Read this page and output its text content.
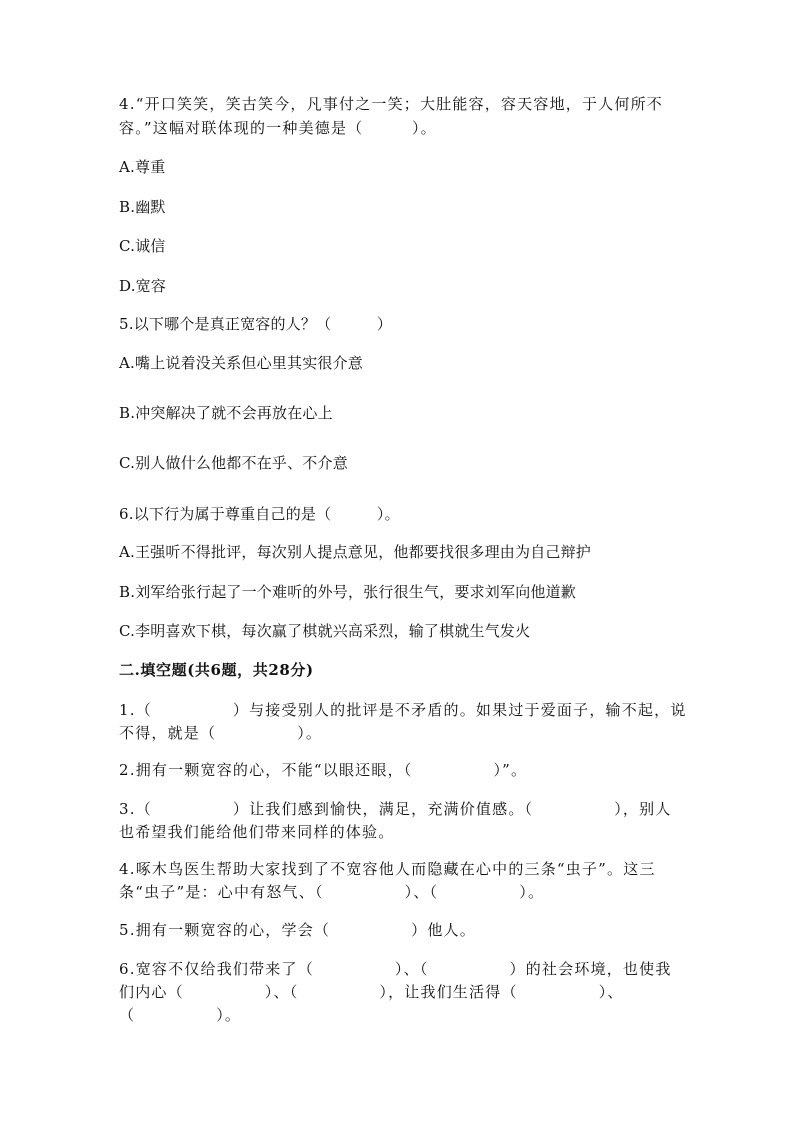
4.“开口笑笑，笑古笑今，凡事付之一笑；大肚能容，容天容地，于人何所不
容。”这幅对联体现的一种美德是（　　　）。
A.尊重
B.幽默
C.诚信
D.宽容
5.以下哪个是真正宽容的人？（　　　）
A.嘴上说着没关系但心里其实很介意
B.冲突解决了就不会再放在心上
C.别人做什么他都不在乎、不介意
6.以下行为属于尊重自己的是（　　　）。
A.王强听不得批评，每次别人提点意见，他都要找很多理由为自己辩护
B.刘军给张行起了一个难听的外号，张行很生气，要求刘军向他道歉
C.李明喜欢下棋，每次赢了棋就兴高采烈，输了棋就生气发火
二.填空题(共6题，共28分)
1.（　　　　　）与接受别人的批评是不矛盾的。如果过于爱面子，输不起，说
不得，就是（　　　　　）。
2.拥有一颗宽容的心，不能“以眼还眼，（　　　　　）”。
3.（　　　　　）让我们感到愉快，满足，充满价值感。（　　　　　），别人
也希望我们能给他们带来同样的体验。
4.啄木鸟医生帮助大家找到了不宽容他人而隐藏在心中的三条“虫子”。这三
条“虫子”是：心中有怒气、（　　　　　）、（　　　　　）。
5.拥有一颗宽容的心，学会（　　　　　）他人。
6.宽容不仅给我们带来了（　　　　　）、（　　　　　）的社会环境，也使我
们内心（　　　　　）、（　　　　　），让我们生活得（　　　　　）、
（　　　　　）。
